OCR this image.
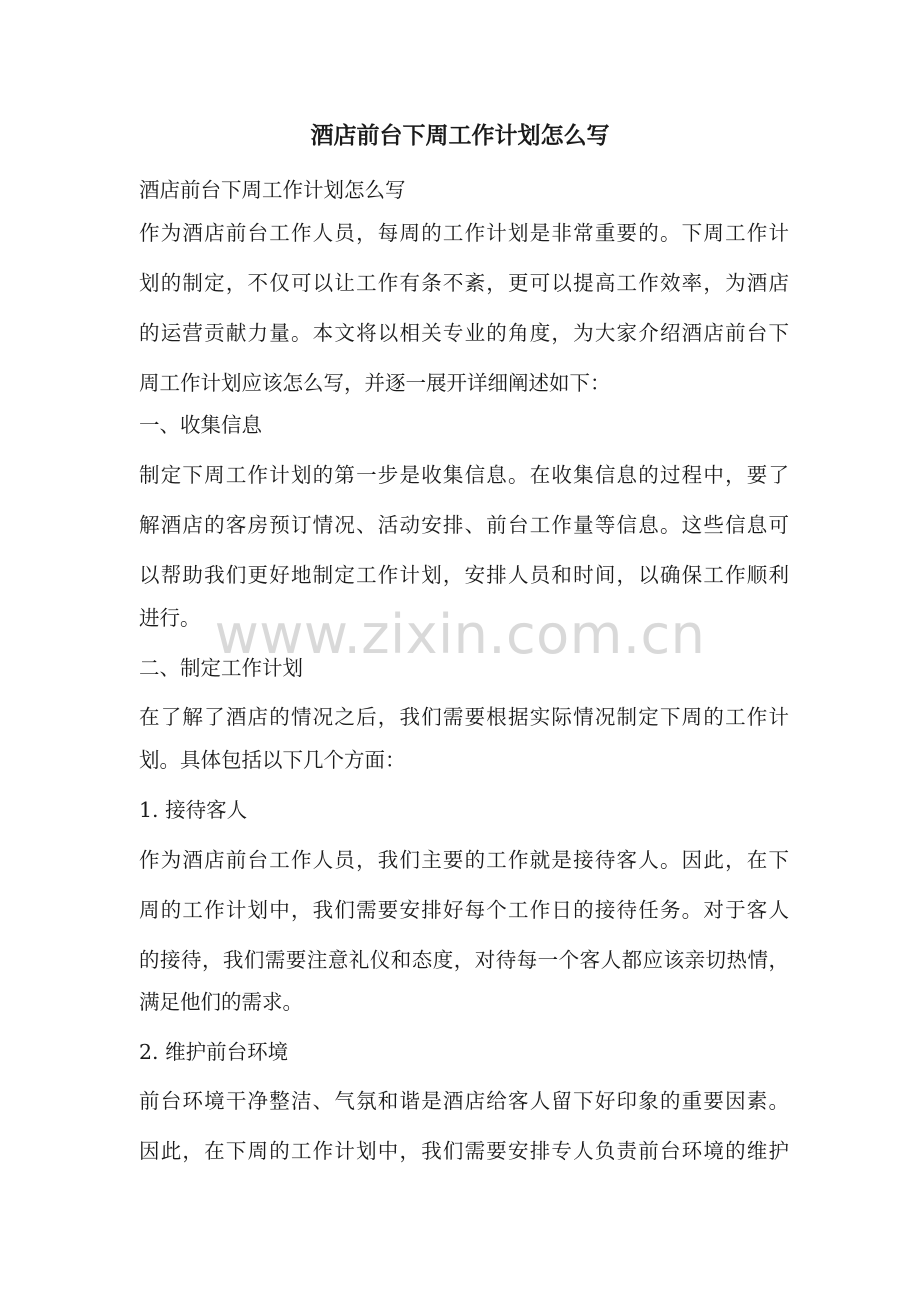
酒店前台下周工作计划怎么写
酒店前台下周工作计划怎么写
作为酒店前台工作人员，每周的工作计划是非常重要的。下周工作计
划的制定，不仅可以让工作有条不紊，更可以提高工作效率，为酒店
的运营贡献力量。本文将以相关专业的角度，为大家介绍酒店前台下
周工作计划应该怎么写，并逐一展开详细阐述如下：
一、收集信息
制定下周工作计划的第一步是收集信息。在收集信息的过程中，要了
解酒店的客房预订情况、活动安排、前台工作量等信息。这些信息可
以帮助我们更好地制定工作计划，安排人员和时间，以确保工作顺利
进行。
二、制定工作计划
在了解了酒店的情况之后，我们需要根据实际情况制定下周的工作计
划。具体包括以下几个方面：
1. 接待客人
作为酒店前台工作人员，我们主要的工作就是接待客人。因此，在下
周的工作计划中，我们需要安排好每个工作日的接待任务。对于客人
的接待，我们需要注意礼仪和态度，对待每一个客人都应该亲切热情，
满足他们的需求。
2. 维护前台环境
前台环境干净整洁、气氛和谐是酒店给客人留下好印象的重要因素。
因此，在下周的工作计划中，我们需要安排专人负责前台环境的维护
www.zixin.com.cn
